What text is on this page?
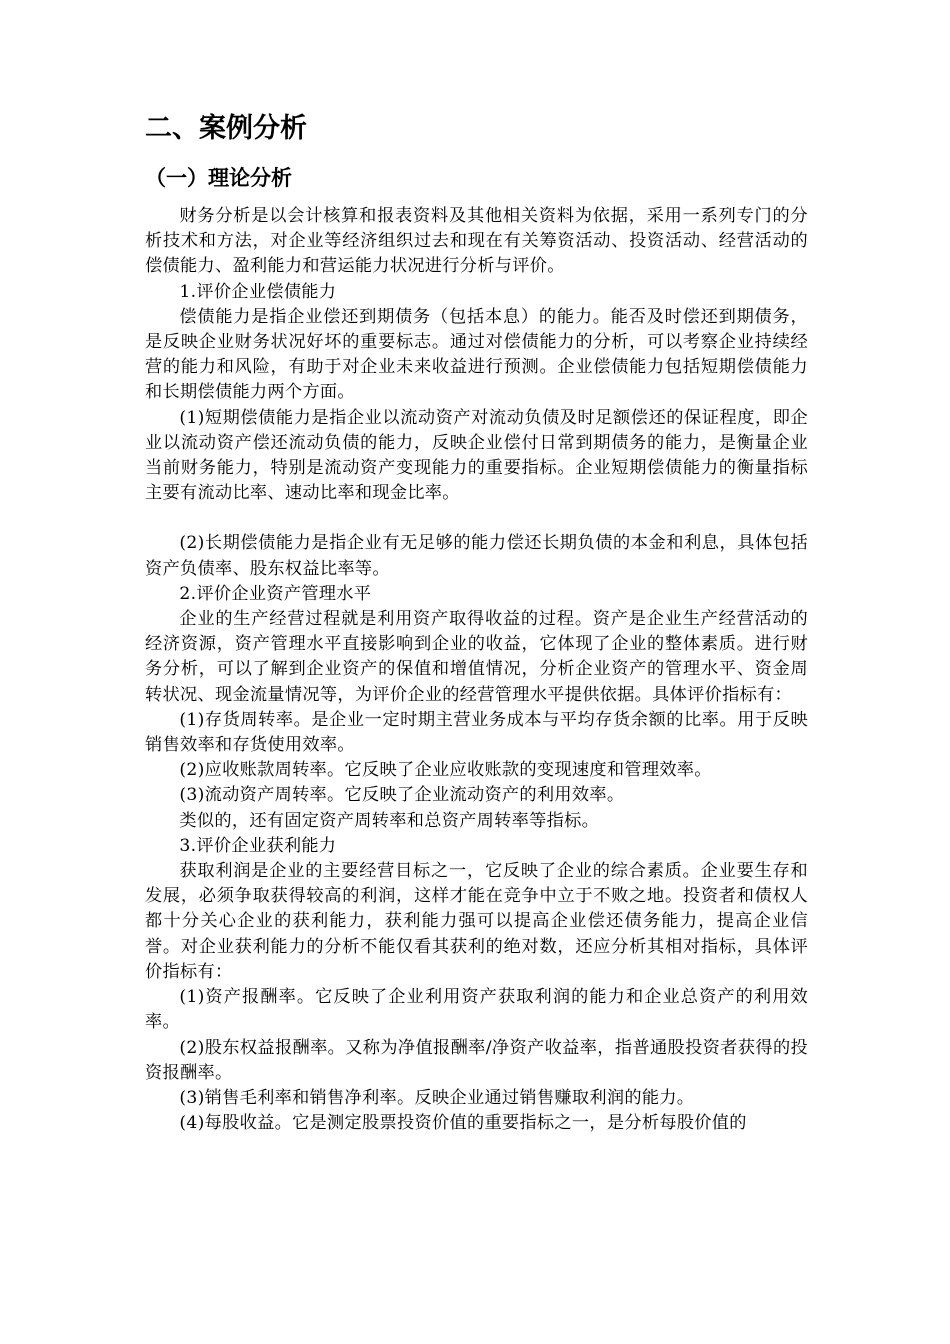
二、案例分析
（一）理论分析

财务分析是以会计核算和报表资料及其他相关资料为依据，采用一系列专门的分析技术和方法，对企业等经济组织过去和现在有关筹资活动、投资活动、经营活动的偿债能力、盈利能力和营运能力状况进行分析与评价。

1.评价企业偿债能力

偿债能力是指企业偿还到期债务（包括本息）的能力。能否及时偿还到期债务，是反映企业财务状况好坏的重要标志。通过对偿债能力的分析，可以考察企业持续经营的能力和风险，有助于对企业未来收益进行预测。企业偿债能力包括短期偿债能力和长期偿债能力两个方面。

(1)短期偿债能力是指企业以流动资产对流动负债及时足额偿还的保证程度，即企业以流动资产偿还流动负债的能力，反映企业偿付日常到期债务的能力，是衡量企业当前财务能力，特别是流动资产变现能力的重要指标。企业短期偿债能力的衡量指标主要有流动比率、速动比率和现金比率。

(2)长期偿债能力是指企业有无足够的能力偿还长期负债的本金和利息，具体包括资产负债率、股东权益比率等。

2.评价企业资产管理水平

企业的生产经营过程就是利用资产取得收益的过程。资产是企业生产经营活动的经济资源，资产管理水平直接影响到企业的收益，它体现了企业的整体素质。进行财务分析，可以了解到企业资产的保值和增值情况，分析企业资产的管理水平、资金周转状况、现金流量情况等，为评价企业的经营管理水平提供依据。具体评价指标有：

(1)存货周转率。是企业一定时期主营业务成本与平均存货余额的比率。用于反映销售效率和存货使用效率。

(2)应收账款周转率。它反映了企业应收账款的变现速度和管理效率。

(3)流动资产周转率。它反映了企业流动资产的利用效率。

类似的，还有固定资产周转率和总资产周转率等指标。

3.评价企业获利能力

获取利润是企业的主要经营目标之一，它反映了企业的综合素质。企业要生存和发展，必须争取获得较高的利润，这样才能在竞争中立于不败之地。投资者和债权人都十分关心企业的获利能力，获利能力强可以提高企业偿还债务能力，提高企业信誉。对企业获利能力的分析不能仅看其获利的绝对数，还应分析其相对指标，具体评价指标有：

(1)资产报酬率。它反映了企业利用资产获取利润的能力和企业总资产的利用效率。

(2)股东权益报酬率。又称为净值报酬率/净资产收益率，指普通股投资者获得的投资报酬率。

(3)销售毛利率和销售净利率。反映企业通过销售赚取利润的能力。

(4)每股收益。它是测定股票投资价值的重要指标之一，是分析每股价值的
